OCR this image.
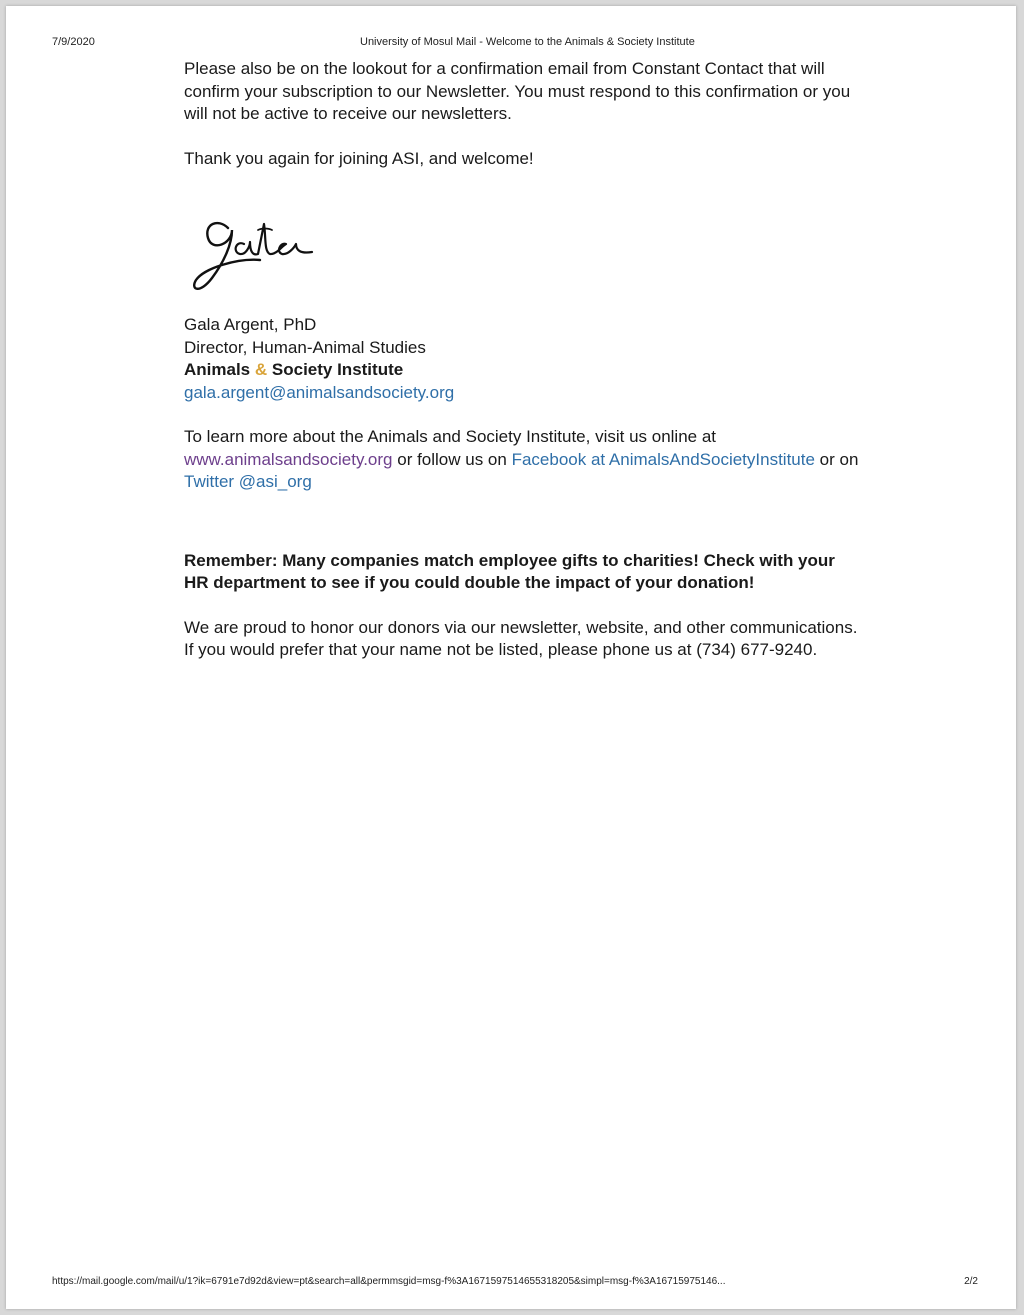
7/9/2020	University of Mosul Mail - Welcome to the Animals & Society Institute

Please also be on the lookout for a confirmation email from Constant Contact that will confirm your subscription to our Newsletter. You must respond to this confirmation or you will not be active to receive our newsletters.

Thank you again for joining ASI, and welcome!

Gala Argent, PhD
Director, Human-Animal Studies
Animals & Society Institute
gala.argent@animalsandsociety.org

To learn more about the Animals and Society Institute, visit us online at
www.animalsandsociety.org or follow us on Facebook at AnimalsAndSocietyInstitute or on Twitter @asi_org

Remember: Many companies match employee gifts to charities! Check with your HR department to see if you could double the impact of your donation!

We are proud to honor our donors via our newsletter, website, and other communications. If you would prefer that your name not be listed, please phone us at (734) 677-9240.

https://mail.google.com/mail/u/1?ik=6791e7d92d&view=pt&search=all&permmsgid=msg-f%3A1671597514655318205&simpl=msg-f%3A16715975146...	2/2
